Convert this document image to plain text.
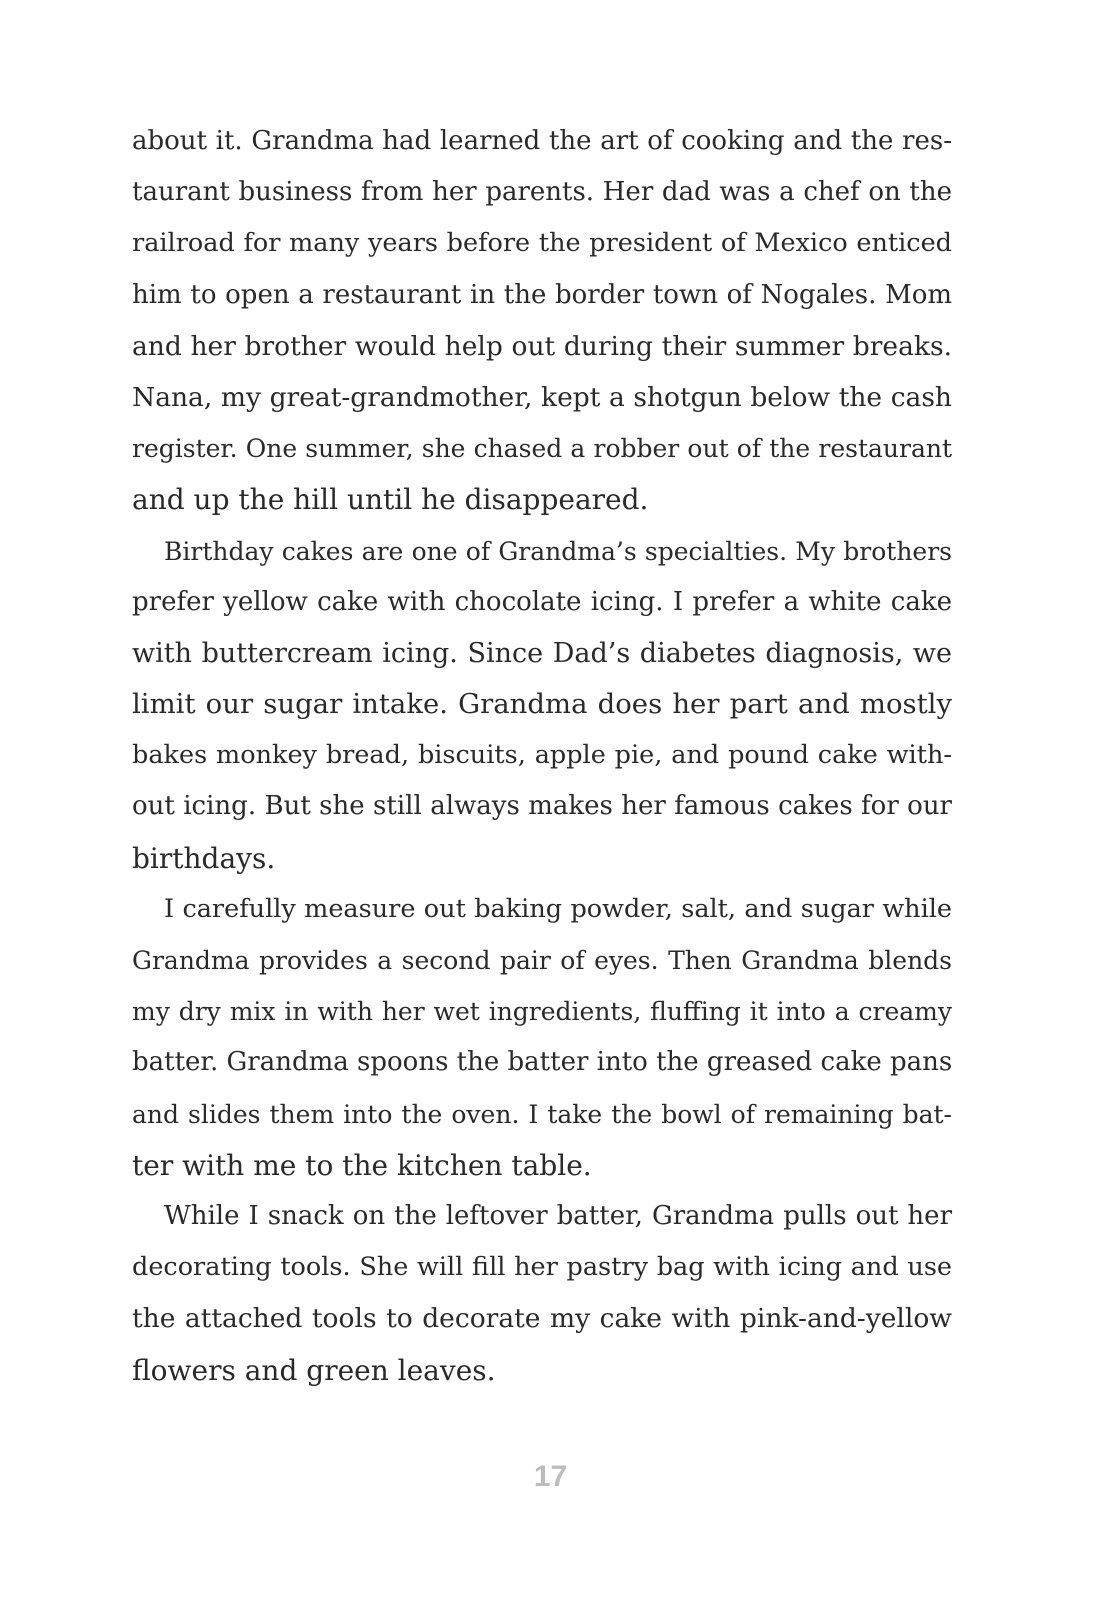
about it. Grandma had learned the art of cooking and the res-
taurant business from her parents. Her dad was a chef on the
railroad for many years before the president of Mexico enticed
him to open a restaurant in the border town of Nogales. Mom
and her brother would help out during their summer breaks.
Nana, my great-grandmother, kept a shotgun below the cash
register. One summer, she chased a robber out of the restaurant
and up the hill until he disappeared.
Birthday cakes are one of Grandma’s specialties. My brothers
prefer yellow cake with chocolate icing. I prefer a white cake
with buttercream icing. Since Dad’s diabetes diagnosis, we
limit our sugar intake. Grandma does her part and mostly
bakes monkey bread, biscuits, apple pie, and pound cake with-
out icing. But she still always makes her famous cakes for our
birthdays.
I carefully measure out baking powder, salt, and sugar while
Grandma provides a second pair of eyes. Then Grandma blends
my dry mix in with her wet ingredients, fluffing it into a creamy
batter. Grandma spoons the batter into the greased cake pans
and slides them into the oven. I take the bowl of remaining bat-
ter with me to the kitchen table.
While I snack on the leftover batter, Grandma pulls out her
decorating tools. She will fill her pastry bag with icing and use
the attached tools to decorate my cake with pink-and-yellow
flowers and green leaves.
17
